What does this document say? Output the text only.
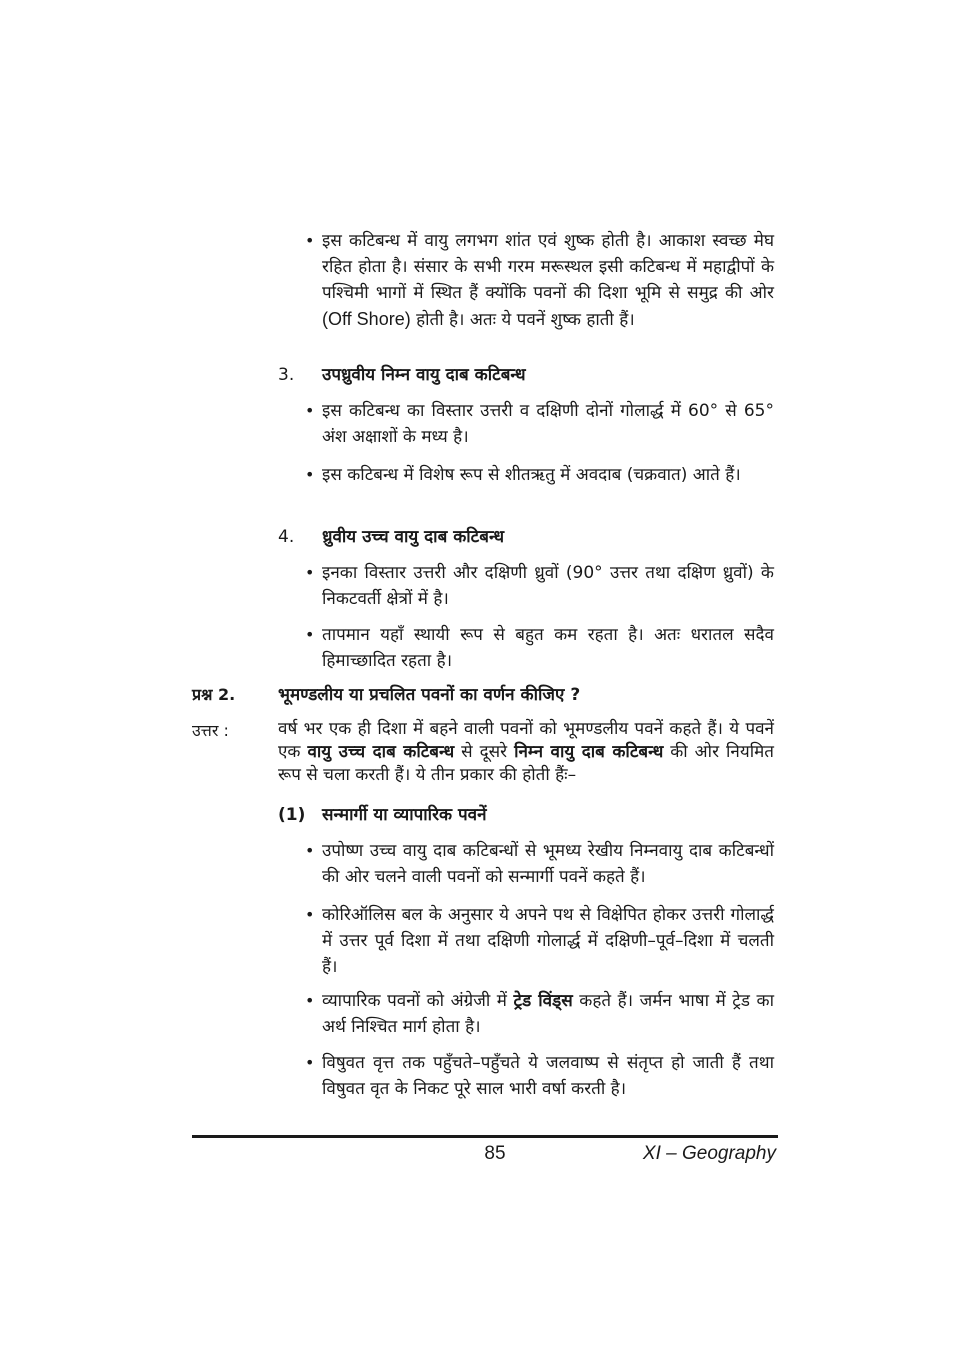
• इस कटिबन्ध में वायु लगभग शांत एवं शुष्क होती है। आकाश स्वच्छ मेघ रहित होता है। संसार के सभी गरम मरूस्थल इसी कटिबन्ध में महाद्वीपों के पश्चिमी भागों में स्थित हैं क्योंकि पवनों की दिशा भूमि से समुद्र की ओर (Off Shore) होती है। अतः ये पवनें शुष्क हाती हैं।
3. उपध्रुवीय निम्न वायु दाब कटिबन्ध
• इस कटिबन्ध का विस्तार उत्तरी व दक्षिणी दोनों गोलार्द्ध में 60° से 65° अंश अक्षाशों के मध्य है।
• इस कटिबन्ध में विशेष रूप से शीतऋतु में अवदाब (चक्रवात) आते हैं।
4. ध्रुवीय उच्च वायु दाब कटिबन्ध
• इनका विस्तार उत्तरी और दक्षिणी ध्रुवों (90° उत्तर तथा दक्षिण ध्रुवों) के निकटवर्ती क्षेत्रों में है।
• तापमान यहाँ स्थायी रूप से बहुत कम रहता है। अतः धरातल सदैव हिमाच्छादित रहता है।
प्रश्न 2.	भूमण्डलीय या प्रचलित पवनों का वर्णन कीजिए ?
उत्तर :	वर्ष भर एक ही दिशा में बहने वाली पवनों को भूमण्डलीय पवनें कहते हैं। ये पवनें एक वायु उच्च दाब कटिबन्ध से दूसरे निम्न वायु दाब कटिबन्ध की ओर नियमित रूप से चला करती हैं। ये तीन प्रकार की होती हैंः–
(1) सन्मार्गी या व्यापारिक पवनें
• उपोष्ण उच्च वायु दाब कटिबन्धों से भूमध्य रेखीय निम्नवायु दाब कटिबन्धों की ओर चलने वाली पवनों को सन्मार्गी पवनें कहते हैं।
• कोरिऑलिस बल के अनुसार ये अपने पथ से विक्षेपित होकर उत्तरी गोलार्द्ध में उत्तर पूर्व दिशा में तथा दक्षिणी गोलार्द्ध में दक्षिणी–पूर्व–दिशा में चलती हैं।
• व्यापारिक पवनों को अंग्रेजी में ट्रेड विंड्स कहते हैं। जर्मन भाषा में ट्रेड का अर्थ निश्चित मार्ग होता है।
• विषुवत वृत्त तक पहुँचते–पहुँचते ये जलवाष्प से संतृप्त हो जाती हैं तथा विषुवत वृत के निकट पूरे साल भारी वर्षा करती है।
85	XI – Geography
